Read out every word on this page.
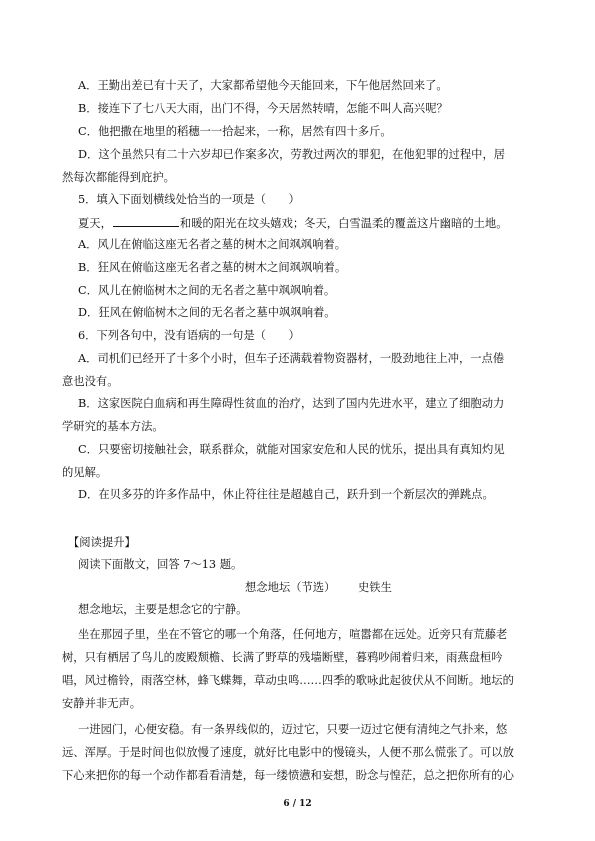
A．王勤出差已有十天了，大家都希望他今天能回来，下午他居然回来了。
B．接连下了七八天大雨，出门不得，今天居然转晴，怎能不叫人高兴呢？
C．他把撒在地里的稻穗一一拾起来，一称，居然有四十多斤。
D．这个虽然只有二十六岁却已作案多次，劳教过两次的罪犯，在他犯罪的过程中，居
然每次都能得到庇护。
5．填入下面划横线处恰当的一项是（　　）
夏天，	和暖的阳光在坟头嬉戏；冬天，白雪温柔的覆盖这片幽暗的土地。
A．风儿在俯临这座无名者之墓的树木之间飒飒响着。
B．狂风在俯临这座无名者之墓的树木之间飒飒响着。
C．风儿在俯临树木之间的无名者之墓中飒飒响着。
D．狂风在俯临树木之间的无名者之墓中飒飒响着。
6．下列各句中，没有语病的一句是（　　）
A．司机们已经开了十多个小时，但车子还满载着物资器材，一股劲地往上冲，一点倦
意也没有。
B．这家医院白血病和再生障碍性贫血的治疗，达到了国内先进水平，建立了细胞动力
学研究的基本方法。
C．只要密切接触社会，联系群众，就能对国家安危和人民的忧乐，提出具有真知灼见
的见解。
D．在贝多芬的许多作品中，休止符往往是超越自己，跃升到一个新层次的弹跳点。
【阅读提升】
阅读下面散文，回答 7～13 题。
想念地坛（节选） 史铁生
想念地坛，主要是想念它的宁静。
坐在那园子里，坐在不管它的哪一个角落，任何地方，喧嚣都在远处。近旁只有荒藤老
树，只有栖居了鸟儿的废殿颓檐、长满了野草的残墙断壁，暮鸦吵闹着归来，雨燕盘桓吟
唱，风过檐铃，雨落空林，蜂飞蝶舞，草动虫鸣……四季的歌咏此起彼伏从不间断。地坛的
安静并非无声。
一进园门，心便安稳。有一条界线似的，迈过它，只要一迈过它便有清纯之气扑来，悠
远、浑厚。于是时间也似放慢了速度，就好比电影中的慢镜头，人便不那么慌张了。可以放
下心来把你的每一个动作都看看清楚，每一缕愤懑和妄想，盼念与惶茫，总之把你所有的心
6 / 12
